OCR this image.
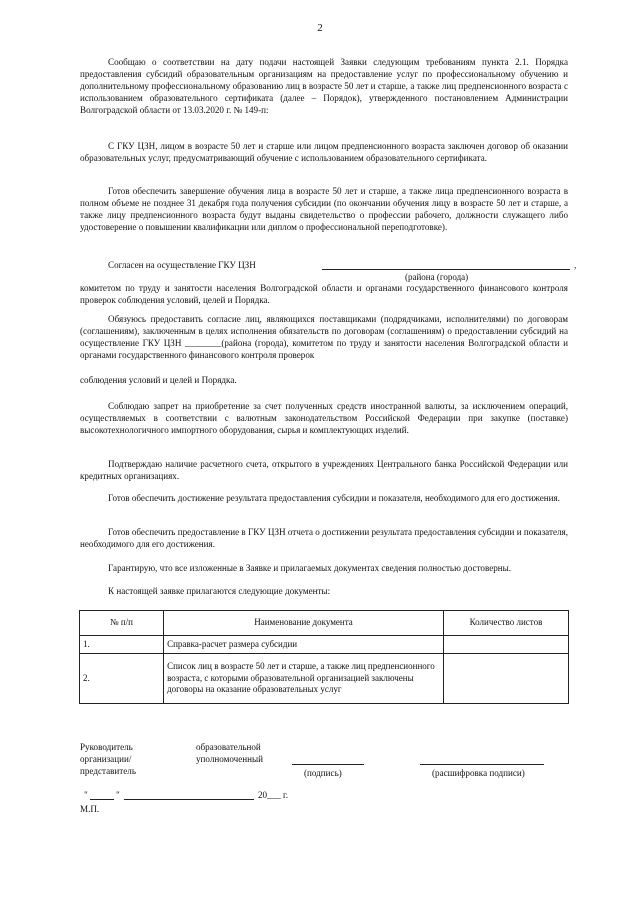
2

Сообщаю о соответствии на дату подачи настоящей Заявки следующим требованиям пункта 2.1. Порядка предоставления субсидий образовательным организациям на предоставление услуг по профессиональному обучению и дополнительному профессиональному образованию лиц в возрасте 50 лет и старше, а также лиц предпенсионного возраста с использованием образовательного сертификата (далее – Порядок), утвержденного постановлением Администрации Волгоградской области от 13.03.2020 г. № 149-п:

С ГКУ ЦЗН, лицом в возрасте 50 лет и старше или лицом предпенсионного возраста заключен договор об оказании образовательных услуг, предусматривающий обучение с использованием образовательного сертификата.

Готов обеспечить завершение обучения лица в возрасте 50 лет и старше, а также лица предпенсионного возраста в полном объеме не позднее 31 декабря года получения субсидии (по окончании обучения лицу в возрасте 50 лет и старше, а также лицу предпенсионного возраста будут выданы свидетельство о профессии рабочего, должности служащего либо удостоверение о повышении квалификации или диплом о профессиональной переподготовке).

Согласен на осуществление ГКУ ЦЗН	,
(района (города)

комитетом по труду и занятости населения Волгоградской области и органами государственного финансового контроля проверок соблюдения условий, целей и Порядка.

Обязуюсь предоставить согласие лиц, являющихся поставщиками (подрядчиками, исполнителями) по договорам (соглашениям), заключенным в целях исполнения обязательств по договорам (соглашениям) о предоставлении субсидий на осуществление ГКУ ЦЗН ________(района (города), комитетом по труду и занятости населения Волгоградской области и органами государственного финансового контроля проверок

соблюдения условий и целей и Порядка.

Соблюдаю запрет на приобретение за счет полученных средств иностранной валюты, за исключением операций, осуществляемых в соответствии с валютным законодательством Российской Федерации при закупке (поставке) высокотехнологичного импортного оборудования, сырья и комплектующих изделий.

Подтверждаю наличие расчетного счета, открытого в учреждениях Центрального банка Российской Федерации или кредитных организациях.

Готов обеспечить достижение результата предоставления субсидии и показателя, необходимого для его достижения.

Готов обеспечить предоставление в ГКУ ЦЗН отчета о достижении результата предоставления субсидии и показателя, необходимого для его достижения.

Гарантирую, что все изложенные в Заявке и прилагаемых документах сведения полностью достоверны.

К настоящей заявке прилагаются следующие документы:

№ п/п	Наименование документа	Количество листов
1.	Справка-расчет размера субсидии	
2.	Список лиц в возрасте 50 лет и старше, а также лиц предпенсионного возраста, с которыми образовательной организацией заключены договоры на оказание образовательных услуг	
Руководитель
организации/
представитель
образовательной
уполномоченный
(подпись)	(расшифровка подписи)
"	"	20___ г.
М.П.
